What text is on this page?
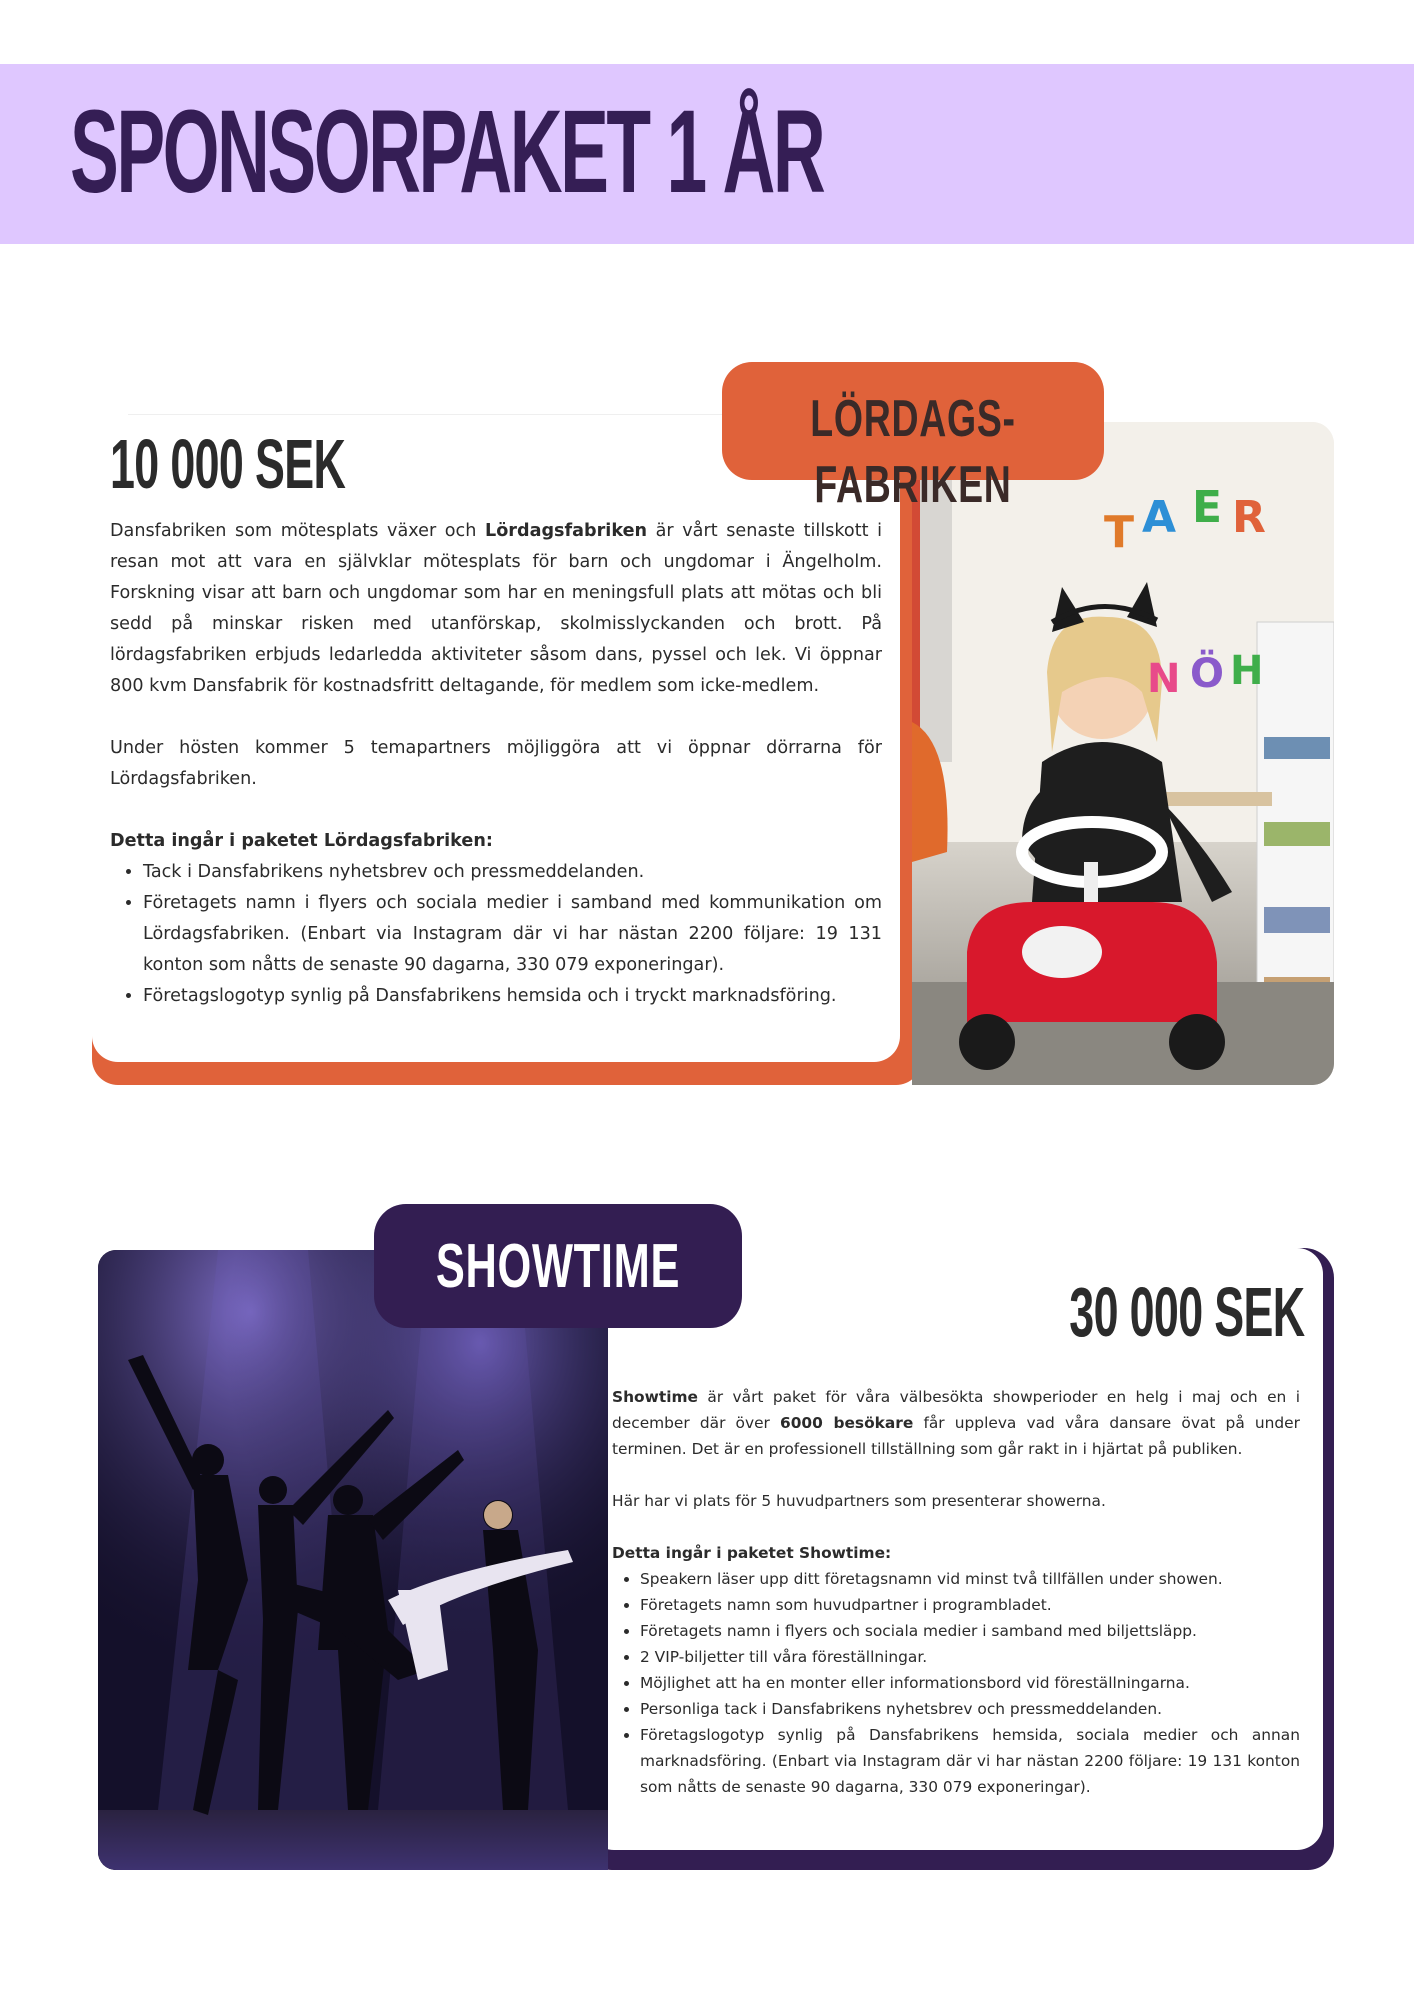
SPONSORPAKET 1 ÅR
A E R
T
N Ö H
LÖRDAGS-FABRIKEN
10 000 SEK

Dansfabriken som mötesplats växer och Lördagsfabriken är vårt senaste tillskott i resan mot att vara en självklar mötesplats för barn och ungdomar i Ängelholm. Forskning visar att barn och ungdomar som har en meningsfull plats att mötas och bli sedd på minskar risken med utanförskap, skolmisslyckanden och brott. På lördagsfabriken erbjuds ledarledda aktiviteter såsom dans, pyssel och lek. Vi öppnar 800 kvm Dansfabrik för kostnadsfritt deltagande, för medlem som icke-medlem.

Under hösten kommer 5 temapartners möjliggöra att vi öppnar dörrarna för Lördagsfabriken.

Detta ingår i paketet Lördagsfabriken:

• Tack i Dansfabrikens nyhetsbrev och pressmeddelanden.
• Företagets namn i flyers och sociala medier i samband med kommunikation om Lördagsfabriken. (Enbart via Instagram där vi har nästan 2200 följare: 19 131 konton som nåtts de senaste 90 dagarna, 330 079 exponeringar).
• Företagslogotyp synlig på Dansfabrikens hemsida och i tryckt marknadsföring.
SHOWTIME
30 000 SEK

Showtime är vårt paket för våra välbesökta showperioder en helg i maj och en i december där över 6000 besökare får uppleva vad våra dansare övat på under terminen. Det är en professionell tillställning som går rakt in i hjärtat på publiken.

Här har vi plats för 5 huvudpartners som presenterar showerna.

Detta ingår i paketet Showtime:

• Speakern läser upp ditt företagsnamn vid minst två tillfällen under showen.
• Företagets namn som huvudpartner i programbladet.
• Företagets namn i flyers och sociala medier i samband med biljettsläpp.
• 2 VIP-biljetter till våra föreställningar.
• Möjlighet att ha en monter eller informationsbord vid föreställningarna.
• Personliga tack i Dansfabrikens nyhetsbrev och pressmeddelanden.
• Företagslogotyp synlig på Dansfabrikens hemsida, sociala medier och annan marknadsföring. (Enbart via Instagram där vi har nästan 2200 följare: 19 131 konton som nåtts de senaste 90 dagarna, 330 079 exponeringar).
